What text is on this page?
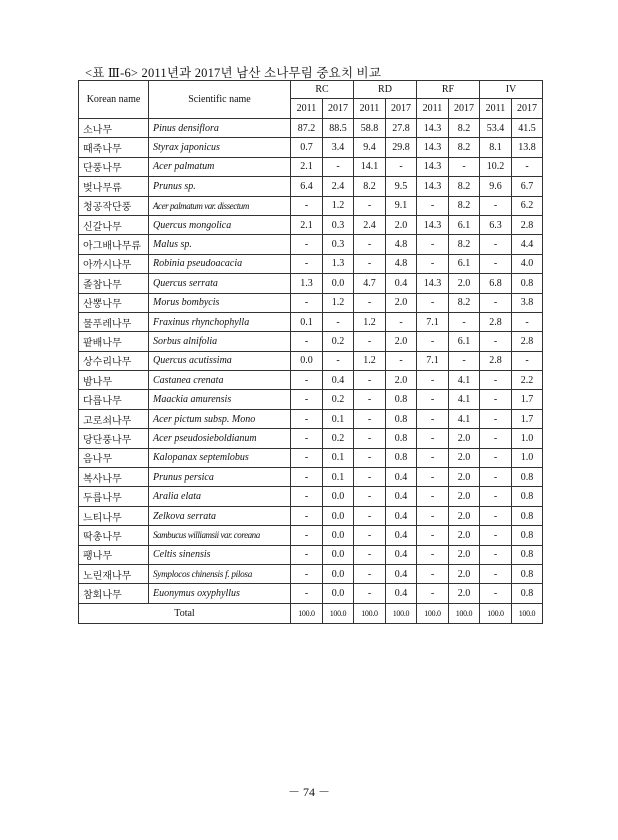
<표 Ⅲ-6> 2011년과 2017년 남산 소나무림 중요치 비교
Korean name	Scientific name	RC		RD		RF		IV	
		2011	2017	2011	2017	2011	2017	2011	2017
소나무	Pinus densiflora	87.2	88.5	58.8	27.8	14.3	8.2	53.4	41.5
때죽나무	Styrax japonicus	0.7	3.4	9.4	29.8	14.3	8.2	8.1	13.8
단풍나무	Acer palmatum	2.1	-	14.1	-	14.3	-	10.2	-
벚나무류	Prunus sp.	6.4	2.4	8.2	9.5	14.3	8.2	9.6	6.7
청공작단풍	Acer palmatum var. dissectum	-	1.2	-	9.1	-	8.2	-	6.2
신갈나무	Quercus mongolica	2.1	0.3	2.4	2.0	14.3	6.1	6.3	2.8
아그배나무류	Malus sp.	-	0.3	-	4.8	-	8.2	-	4.4
아까시나무	Robinia pseudoacacia	-	1.3	-	4.8	-	6.1	-	4.0
졸참나무	Quercus serrata	1.3	0.0	4.7	0.4	14.3	2.0	6.8	0.8
산뽕나무	Morus bombycis	-	1.2	-	2.0	-	8.2	-	3.8
물푸레나무	Fraxinus rhynchophylla	0.1	-	1.2	-	7.1	-	2.8	-
팥배나무	Sorbus alnifolia	-	0.2	-	2.0	-	6.1	-	2.8
상수리나무	Quercus acutissima	0.0	-	1.2	-	7.1	-	2.8	-
밤나무	Castanea crenata	-	0.4	-	2.0	-	4.1	-	2.2
다릅나무	Maackia amurensis	-	0.2	-	0.8	-	4.1	-	1.7
고로쇠나무	Acer pictum subsp. Mono	-	0.1	-	0.8	-	4.1	-	1.7
당단풍나무	Acer pseudosieboldianum	-	0.2	-	0.8	-	2.0	-	1.0
음나무	Kalopanax septemlobus	-	0.1	-	0.8	-	2.0	-	1.0
복사나무	Prunus persica	-	0.1	-	0.4	-	2.0	-	0.8
두릅나무	Aralia elata	-	0.0	-	0.4	-	2.0	-	0.8
느티나무	Zelkova serrata	-	0.0	-	0.4	-	2.0	-	0.8
딱총나무	Sambucus williamsii var. coreana	-	0.0	-	0.4	-	2.0	-	0.8
팽나무	Celtis sinensis	-	0.0	-	0.4	-	2.0	-	0.8
노린재나무	Symplocos chinensis f. pilosa	-	0.0	-	0.4	-	2.0	-	0.8
참회나무	Euonymus oxyphyllus	-	0.0	-	0.4	-	2.0	-	0.8
Total		100.0	100.0	100.0	100.0	100.0	100.0	100.0	100.0
－ 74 －
